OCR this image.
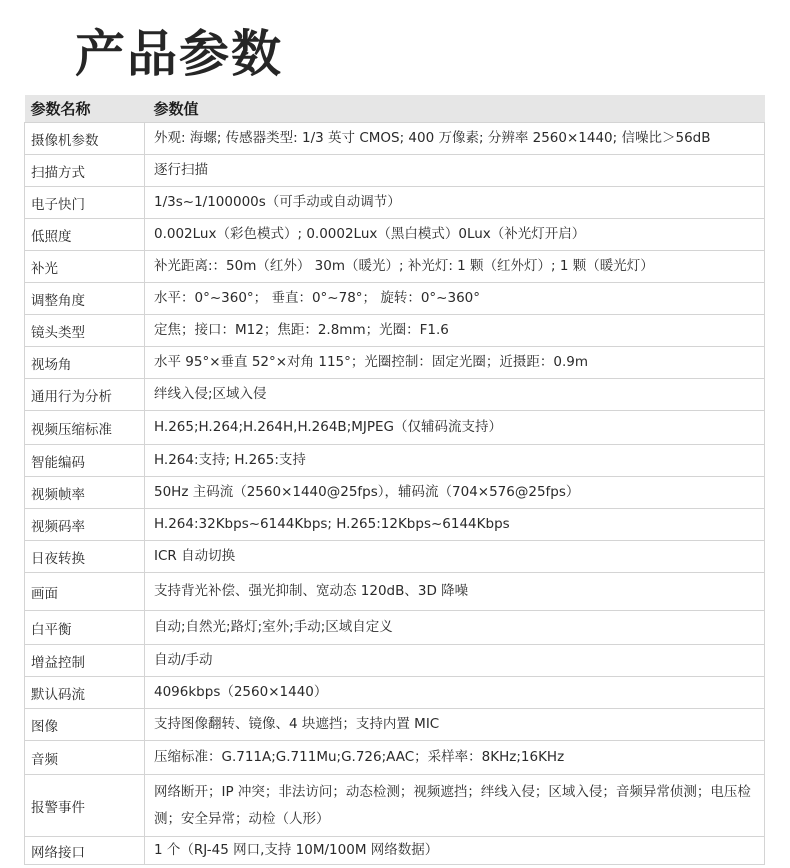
产品参数
参数名称	参数值
摄像机参数	外观: 海螺; 传感器类型: 1/3 英寸 CMOS; 400 万像素; 分辨率 2560×1440; 信噪比＞56dB
扫描方式	逐行扫描
电子快门	1/3s~1/100000s（可手动或自动调节）
低照度	0.002Lux（彩色模式）; 0.0002Lux（黑白模式）0Lux（补光灯开启）
补光	补光距离:：50m（红外） 30m（暖光）; 补光灯: 1 颗（红外灯）; 1 颗（暖光灯）
调整角度	水平：0°~360°； 垂直：0°~78°； 旋转：0°~360°
镜头类型	定焦；接口：M12；焦距：2.8mm；光圈：F1.6
视场角	水平 95°×垂直 52°×对角 115°；光圈控制：固定光圈；近摄距：0.9m
通用行为分析	绊线入侵;区域入侵
视频压缩标准	H.265;H.264;H.264H,H.264B;MJPEG（仅辅码流支持）
智能编码	H.264:支持; H.265:支持
视频帧率	50Hz 主码流（2560×1440@25fps），辅码流（704×576@25fps）
视频码率	H.264:32Kbps~6144Kbps; H.265:12Kbps~6144Kbps
日夜转换	ICR 自动切换
画面	支持背光补偿、强光抑制、宽动态 120dB、3D 降噪
白平衡	自动;自然光;路灯;室外;手动;区域自定义
增益控制	自动/手动
默认码流	4096kbps（2560×1440）
图像	支持图像翻转、镜像、4 块遮挡；支持内置 MIC
音频	压缩标准：G.711A;G.711Mu;G.726;AAC；采样率：8KHz;16KHz
报警事件	网络断开；IP 冲突；非法访问；动态检测；视频遮挡；绊线入侵；区域入侵；音频异常侦测；电压检测；安全异常；动检（人形）
网络接口	1 个（RJ-45 网口,支持 10M/100M 网络数据）
